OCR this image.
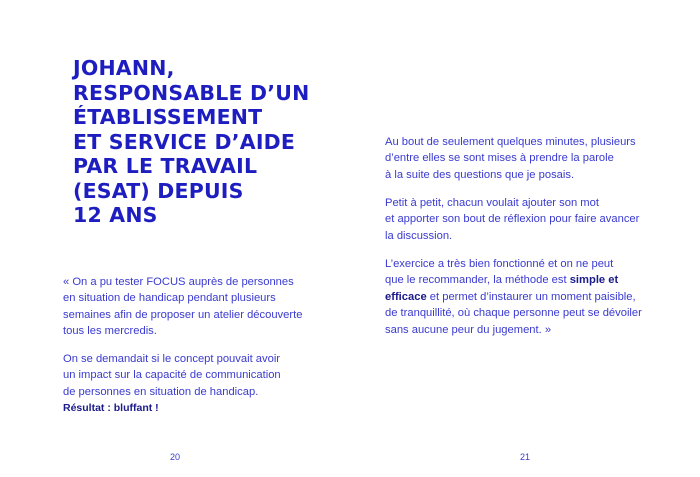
JOHANN,
RESPONSABLE D’UN
ÉTABLISSEMENT
ET SERVICE D’AIDE
PAR LE TRAVAIL
(ESAT) DEPUIS
12 ANS
« On a pu tester FOCUS auprès de personnes
en situation de handicap pendant plusieurs
semaines afin de proposer un atelier découverte
tous les mercredis.
On se demandait si le concept pouvait avoir
un impact sur la capacité de communication
de personnes en situation de handicap.
Résultat : bluffant !
20
Au bout de seulement quelques minutes, plusieurs
d’entre elles se sont mises à prendre la parole
à la suite des questions que je posais.
Petit à petit, chacun voulait ajouter son mot
et apporter son bout de réflexion pour faire avancer
la discussion.
L’exercice a très bien fonctionné et on ne peut
que le recommander, la méthode est simple et
efficace et permet d’instaurer un moment paisible,
de tranquillité, où chaque personne peut se dévoiler
sans aucune peur du jugement. »
21
